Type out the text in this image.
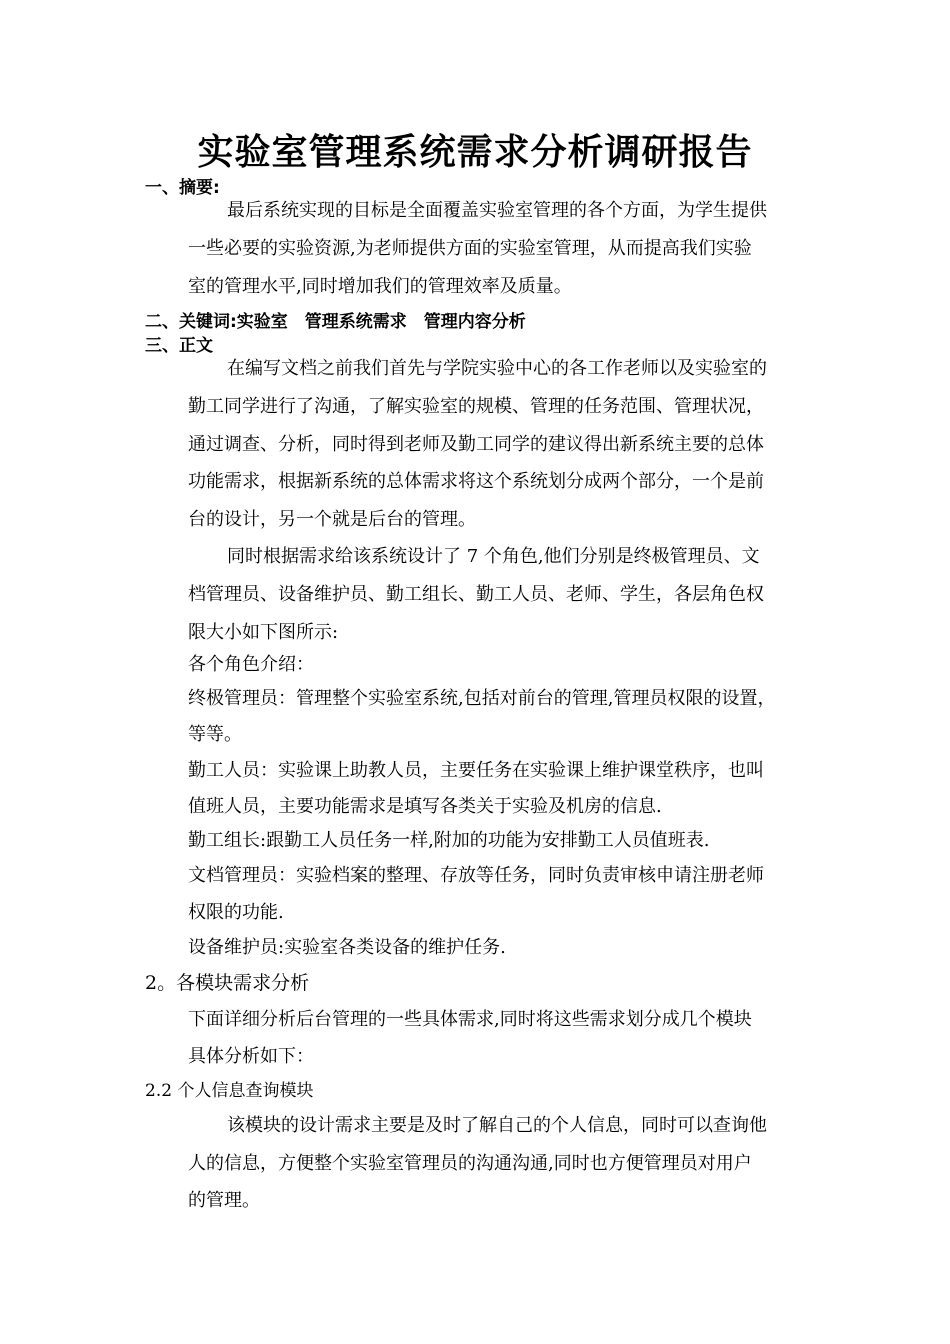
实验室管理系统需求分析调研报告
一、摘要:
最后系统实现的目标是全面覆盖实验室管理的各个方面，为学生提供
一些必要的实验资源,为老师提供方面的实验室管理，从而提高我们实验
室的管理水平,同时增加我们的管理效率及质量。
二、关键词:实验室　管理系统需求　管理内容分析
三、正文
在编写文档之前我们首先与学院实验中心的各工作老师以及实验室的
勤工同学进行了沟通，了解实验室的规模、管理的任务范围、管理状况，
通过调查、分析，同时得到老师及勤工同学的建议得出新系统主要的总体
功能需求，根据新系统的总体需求将这个系统划分成两个部分，一个是前
台的设计，另一个就是后台的管理。
同时根据需求给该系统设计了 7 个角色,他们分别是终极管理员、文
档管理员、设备维护员、勤工组长、勤工人员、老师、学生，各层角色权
限大小如下图所示:
各个角色介绍：
终极管理员：管理整个实验室系统,包括对前台的管理,管理员权限的设置，
等等。
勤工人员：实验课上助教人员，主要任务在实验课上维护课堂秩序，也叫
值班人员，主要功能需求是填写各类关于实验及机房的信息.
勤工组长:跟勤工人员任务一样,附加的功能为安排勤工人员值班表.
文档管理员：实验档案的整理、存放等任务，同时负责审核申请注册老师
权限的功能.
设备维护员:实验室各类设备的维护任务.
2。各模块需求分析
下面详细分析后台管理的一些具体需求,同时将这些需求划分成几个模块
具体分析如下：
2.2 个人信息查询模块
该模块的设计需求主要是及时了解自己的个人信息，同时可以查询他
人的信息，方便整个实验室管理员的沟通沟通,同时也方便管理员对用户
的管理。
